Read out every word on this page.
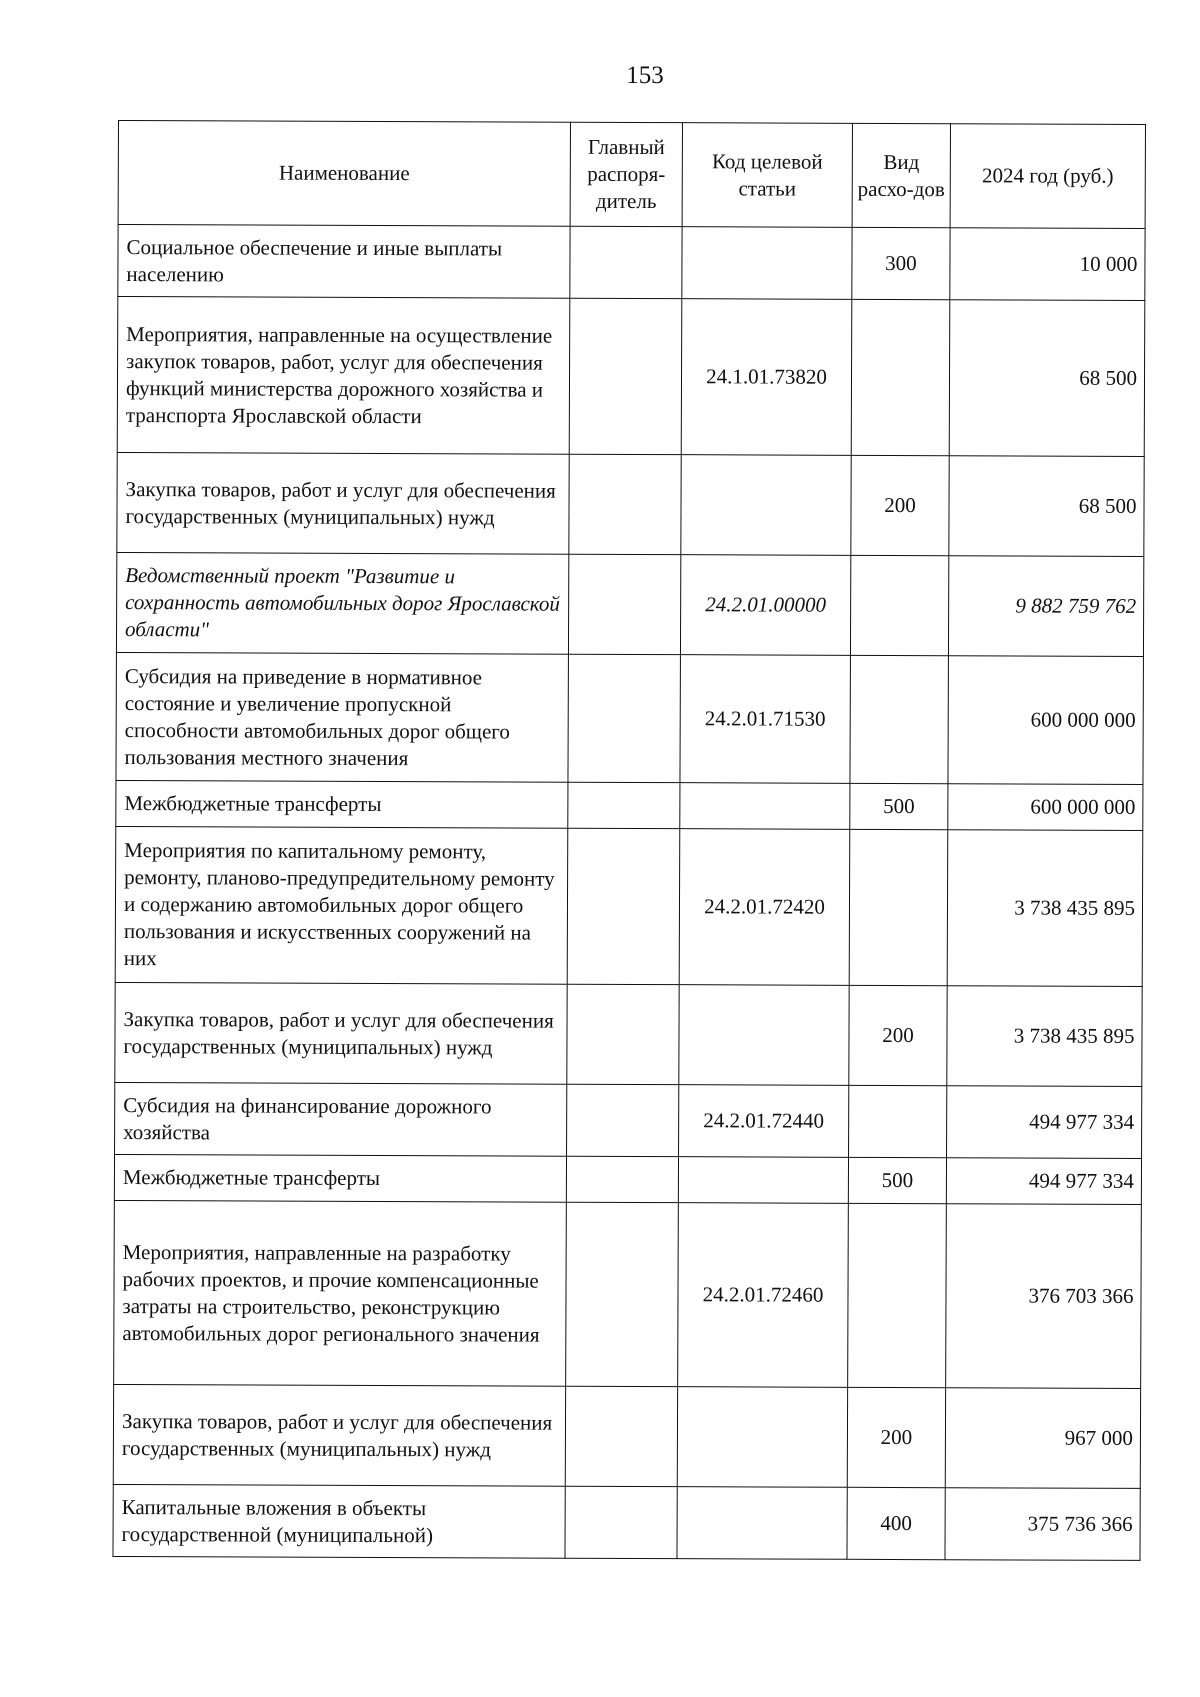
153
Наименование	Главный распоря-дитель	Код целевой статьи	Вид расхо-дов	2024 год (руб.)
Социальное обеспечение и иные выплаты населению			300	10 000
Мероприятия, направленные на осуществление закупок товаров, работ, услуг для обеспечения функций министерства дорожного хозяйства и транспорта Ярославской области		24.1.01.73820		68 500
Закупка товаров, работ и услуг для обеспечения государственных (муниципальных) нужд			200	68 500
Ведомственный проект "Развитие и сохранность автомобильных дорог Ярославской области"		24.2.01.00000		9 882 759 762
Субсидия на приведение в нормативное состояние и увеличение пропускной способности автомобильных дорог общего пользования местного значения		24.2.01.71530		600 000 000
Межбюджетные трансферты			500	600 000 000
Мероприятия по капитальному ремонту, ремонту, планово-предупредительному ремонту и содержанию автомобильных дорог общего пользования и искусственных сооружений на них		24.2.01.72420		3 738 435 895
Закупка товаров, работ и услуг для обеспечения государственных (муниципальных) нужд			200	3 738 435 895
Субсидия на финансирование дорожного хозяйства		24.2.01.72440		494 977 334
Межбюджетные трансферты			500	494 977 334
Мероприятия, направленные на разработку рабочих проектов, и прочие компенсационные затраты на строительство, реконструкцию автомобильных дорог регионального значения		24.2.01.72460		376 703 366
Закупка товаров, работ и услуг для обеспечения государственных (муниципальных) нужд			200	967 000
Капитальные вложения в объекты государственной (муниципальной)			400	375 736 366
